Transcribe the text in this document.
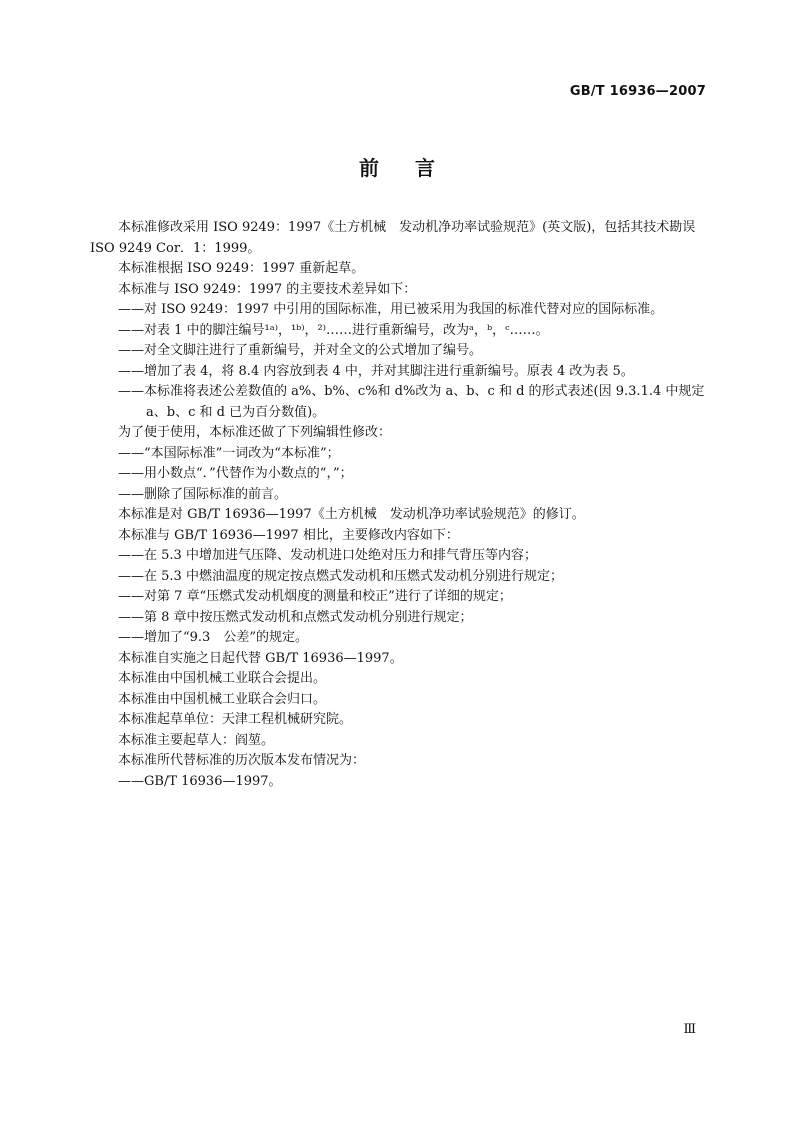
GB/T 16936—2007
前言

本标准修改采用 ISO 9249：1997《土方机械　发动机净功率试验规范》(英文版)，包括其技术勘误

ISO 9249 Cor．1：1999。

本标准根据 ISO 9249：1997 重新起草。

本标准与 ISO 9249：1997 的主要技术差异如下：

——对 ISO 9249：1997 中引用的国际标准，用已被采用为我国的标准代替对应的国际标准。

——对表 1 中的脚注编号¹ᵃ⁾，¹ᵇ⁾，²⁾……进行重新编号，改为ᵃ，ᵇ，ᶜ……。

——对全文脚注进行了重新编号，并对全文的公式增加了编号。

——增加了表 4，将 8.4 内容放到表 4 中，并对其脚注进行重新编号。原表 4 改为表 5。

——本标准将表述公差数值的 a%、b%、c%和 d%改为 a、b、c 和 d 的形式表述(因 9.3.1.4 中规定

a、b、c 和 d 已为百分数值)。

为了便于使用，本标准还做了下列编辑性修改：

——“本国际标准”一词改为“本标准”；

——用小数点“．”代替作为小数点的“，”；

——删除了国际标准的前言。

本标准是对 GB/T 16936—1997《土方机械　发动机净功率试验规范》的修订。

本标准与 GB/T 16936—1997 相比，主要修改内容如下：

——在 5.3 中增加进气压降、发动机进口处绝对压力和排气背压等内容；

——在 5.3 中燃油温度的规定按点燃式发动机和压燃式发动机分别进行规定；

——对第 7 章“压燃式发动机烟度的测量和校正”进行了详细的规定；

——第 8 章中按压燃式发动机和点燃式发动机分别进行规定；

——增加了“9.3　公差”的规定。

本标准自实施之日起代替 GB/T 16936—1997。

本标准由中国机械工业联合会提出。

本标准由中国机械工业联合会归口。

本标准起草单位：天津工程机械研究院。

本标准主要起草人：阎堃。

本标准所代替标准的历次版本发布情况为：

——GB/T 16936—1997。

Ⅲ
